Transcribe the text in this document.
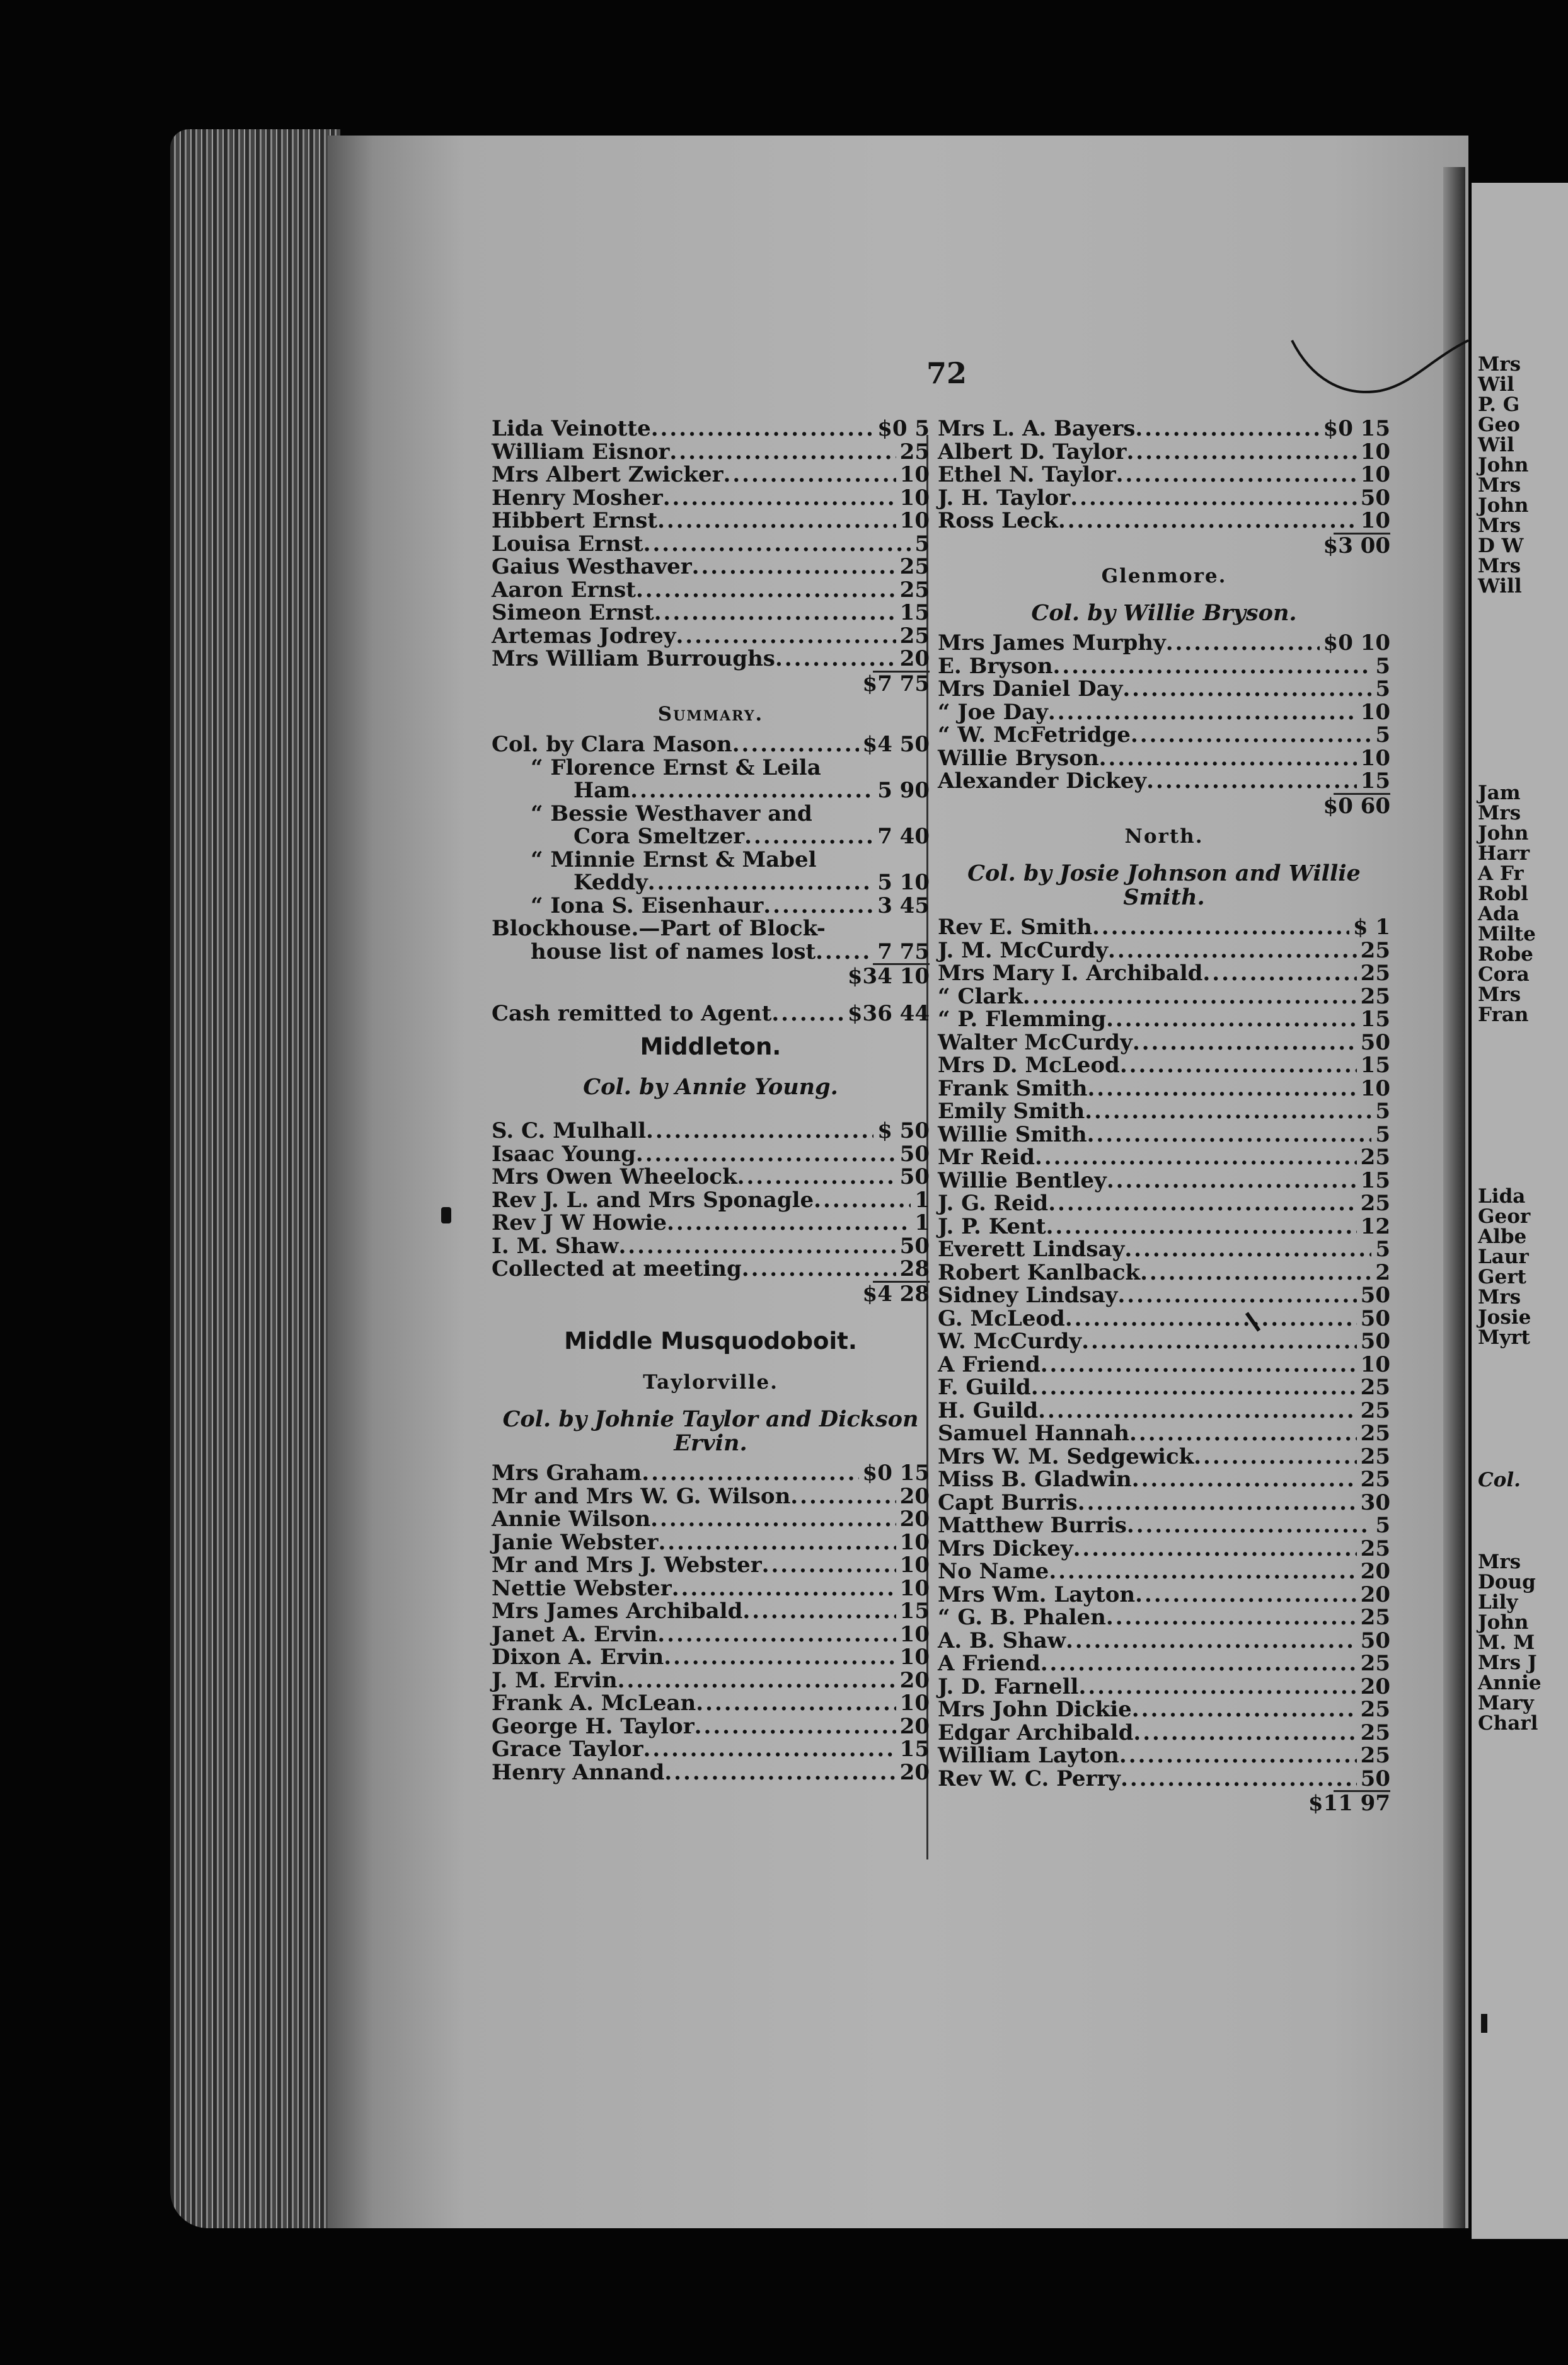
72
Lida Veinotte .....	$0 5
William Eisnor .....	25
Mrs Albert Zwicker .....	10
Henry Mosher .....	10
Hibbert Ernst .....	10
Louisa Ernst .....	5
Gaius Westhaver .....	25
Aaron Ernst .....	25
Simeon Ernst .....	15
Artemas Jodrey .....	25
Mrs William Burroughs .....	20
$7 75
Summary.
Col. by Clara Mason .....	$4 50
“ Florence Ernst & Leila
Ham .....	5 90
“ Bessie Westhaver and
Cora Smeltzer .....	7 40
“ Minnie Ernst & Mabel
Keddy .....	5 10
“ Iona S. Eisenhaur .....	3 45
Blockhouse.—Part of Block-
house list of names lost .....	7 75
$34 10
Cash remitted to Agent .....	$36 44
Middleton.
Col. by Annie Young.
S. C. Mulhall .....	$ 50
Isaac Young .....	50
Mrs Owen Wheelock .....	50
Rev J. L. and Mrs Sponagle .....	1
Rev J W Howie .....	1
I. M. Shaw .....	50
Collected at meeting .....	28
$4 28
Middle Musquodoboit.
Taylorville.
Col. by Johnie Taylor and Dickson Ervin.
Mrs Graham .....	$0 15
Mr and Mrs W. G. Wilson .....	20
Annie Wilson .....	20
Janie Webster .....	10
Mr and Mrs J. Webster .....	10
Nettie Webster .....	10
Mrs James Archibald .....	15
Janet A. Ervin .....	10
Dixon A. Ervin .....	10
J. M. Ervin .....	20
Frank A. McLean .....	10
George H. Taylor .....	20
Grace Taylor .....	15
Henry Annand .....	20
Mrs L. A. Bayers .....	$0 15
Albert D. Taylor .....	10
Ethel N. Taylor .....	10
J. H. Taylor .....	50
Ross Leck .....	10
$3 00
Glenmore.
Col. by Willie Bryson.
Mrs James Murphy .....	$0 10
E. Bryson .....	5
Mrs Daniel Day .....	5
“ Joe Day .....	10
“ W. McFetridge .....	5
Willie Bryson .....	10
Alexander Dickey .....	15
$0 60
North.
Col. by Josie Johnson and Willie Smith.
Rev E. Smith .....	$ 1
J. M. McCurdy .....	25
Mrs Mary I. Archibald .....	25
“ Clark .....	25
“ P. Flemming .....	15
Walter McCurdy .....	50
Mrs D. McLeod .....	15
Frank Smith .....	10
Emily Smith .....	5
Willie Smith .....	5
Mr Reid .....	25
Willie Bentley .....	15
J. G. Reid .....	25
J. P. Kent .....	12
Everett Lindsay .....	5
Robert Kanlback .....	2
Sidney Lindsay .....	50
G. McLeod .....	50
W. McCurdy .....	50
A Friend .....	10
F. Guild .....	25
H. Guild .....	25
Samuel Hannah .....	25
Mrs W. M. Sedgewick .....	25
Miss B. Gladwin .....	25
Capt Burris .....	30
Matthew Burris .....	5
Mrs Dickey .....	25
No Name .....	20
Mrs Wm. Layton .....	20
“ G. B. Phalen .....	25
A. B. Shaw .....	50
A Friend .....	25
J. D. Farnell .....	20
Mrs John Dickie .....	25
Edgar Archibald .....	25
William Layton .....	25
Rev W. C. Perry .....	50
$11 97
Mrs
Wil
P. G
Geo
Wil
John
Mrs
John
Mrs
D W
Mrs
Will
Jam
Mrs
John
Harr
A Fr
Robl
Ada
Milte
Robe
Cora
Mrs
Fran
Lida
Geor
Albe
Laur
Gert
Mrs
Josie
Myrt
Col.
Mrs
Doug
Lily
John
M. M
Mrs J
Annie
Mary
Charl
